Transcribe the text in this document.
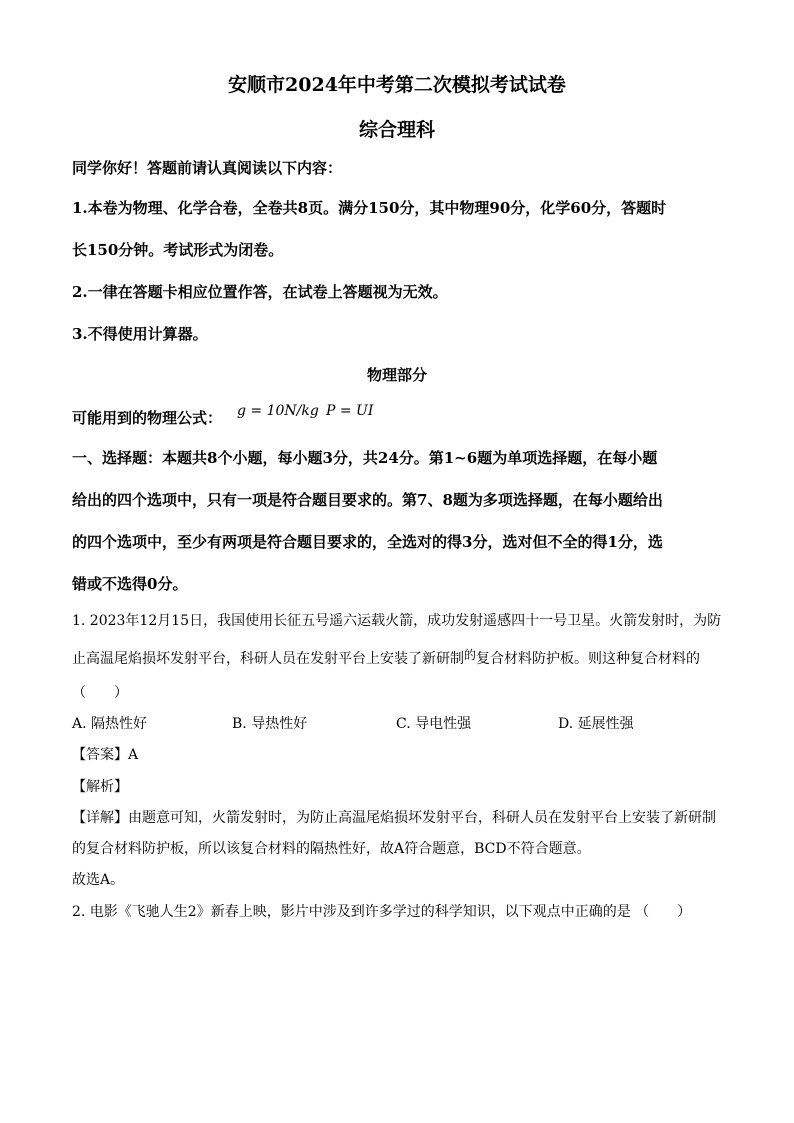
安顺市2024年中考第二次模拟考试试卷
综合理科
同学你好！答题前请认真阅读以下内容：
1.本卷为物理、化学合卷，全卷共8页。满分150分，其中物理90分，化学60分，答题时
长150分钟。考试形式为闭卷。
2.一律在答题卡相应位置作答，在试卷上答题视为无效。
3.不得使用计算器。
物理部分
可能用到的物理公式： g = 10N/kg P = UI
一、选择题：本题共8个小题，每小题3分，共24分。第1~6题为单项选择题，在每小题
给出的四个选项中，只有一项是符合题目要求的。第7、8题为多项选择题，在每小题给出
的四个选项中，至少有两项是符合题目要求的，全选对的得3分，选对但不全的得1分，选
错或不选得0分。
1. 2023年12月15日，我国使用长征五号遥六运载火箭，成功发射遥感四十一号卫星。火箭发射时，为防
止高温尾焰损坏发射平台，科研人员在发射平台上安装了新研制的复合材料防护板。则这种复合材料的
（　　）
A. 隔热性好	B. 导热性好	C. 导电性强	D. 延展性强
【答案】A
【解析】
【详解】由题意可知，火箭发射时，为防止高温尾焰损坏发射平台，科研人员在发射平台上安装了新研制
的复合材料防护板，所以该复合材料的隔热性好，故A符合题意，BCD不符合题意。
故选A。
2. 电影《飞驰人生2》新春上映，影片中涉及到许多学过的科学知识，以下观点中正确的是 （　　）
